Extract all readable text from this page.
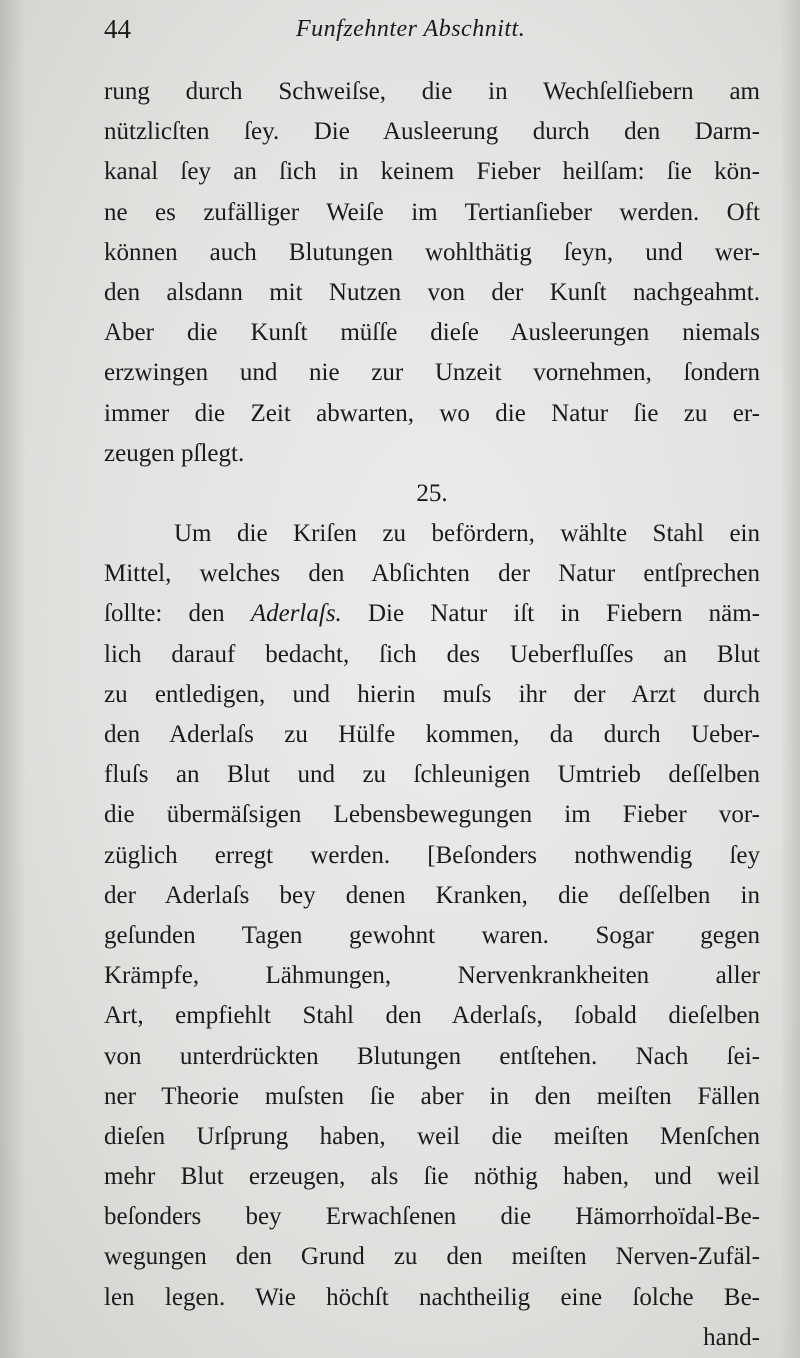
44	Funfzehnter Abschnitt.
rung durch Schweiſse, die in Wechſelſiebern am
nützlicſten ſey. Die Ausleerung durch den Darm-
kanal ſey an ſich in keinem Fieber heilſam: ſie kön-
ne es zufälliger Weiſe im Tertianſieber werden. Oft
können auch Blutungen wohlthätig ſeyn, und wer-
den alsdann mit Nutzen von der Kunſt nachgeahmt.
Aber die Kunſt müſſe dieſe Ausleerungen niemals
erzwingen und nie zur Unzeit vornehmen, ſondern
immer die Zeit abwarten, wo die Natur ſie zu er-
zeugen pſlegt.
25.
Um die Kriſen zu befördern, wählte Stahl ein
Mittel, welches den Abſichten der Natur entſprechen
ſollte: den Aderlaſs. Die Natur iſt in Fiebern näm-
lich darauf bedacht, ſich des Ueberfluſſes an Blut
zu entledigen, und hierin muſs ihr der Arzt durch
den Aderlaſs zu Hülfe kommen, da durch Ueber-
fluſs an Blut und zu ſchleunigen Umtrieb deſſelben
die übermäſsigen Lebensbewegungen im Fieber vor-
züglich erregt werden. [Beſonders nothwendig ſey
der Aderlaſs bey denen Kranken, die deſſelben in
geſunden Tagen gewohnt waren. Sogar gegen
Krämpfe, Lähmungen, Nervenkrankheiten aller
Art, empfiehlt Stahl den Aderlaſs, ſobald dieſelben
von unterdrückten Blutungen entſtehen. Nach ſei-
ner Theorie muſsten ſie aber in den meiſten Fällen
dieſen Urſprung haben, weil die meiſten Menſchen
mehr Blut erzeugen, als ſie nöthig haben, und weil
beſonders bey Erwachſenen die Hämorrhoïdal-Be-
wegungen den Grund zu den meiſten Nerven-Zufäl-
len legen. Wie höchſt nachtheilig eine ſolche Be-
hand-
